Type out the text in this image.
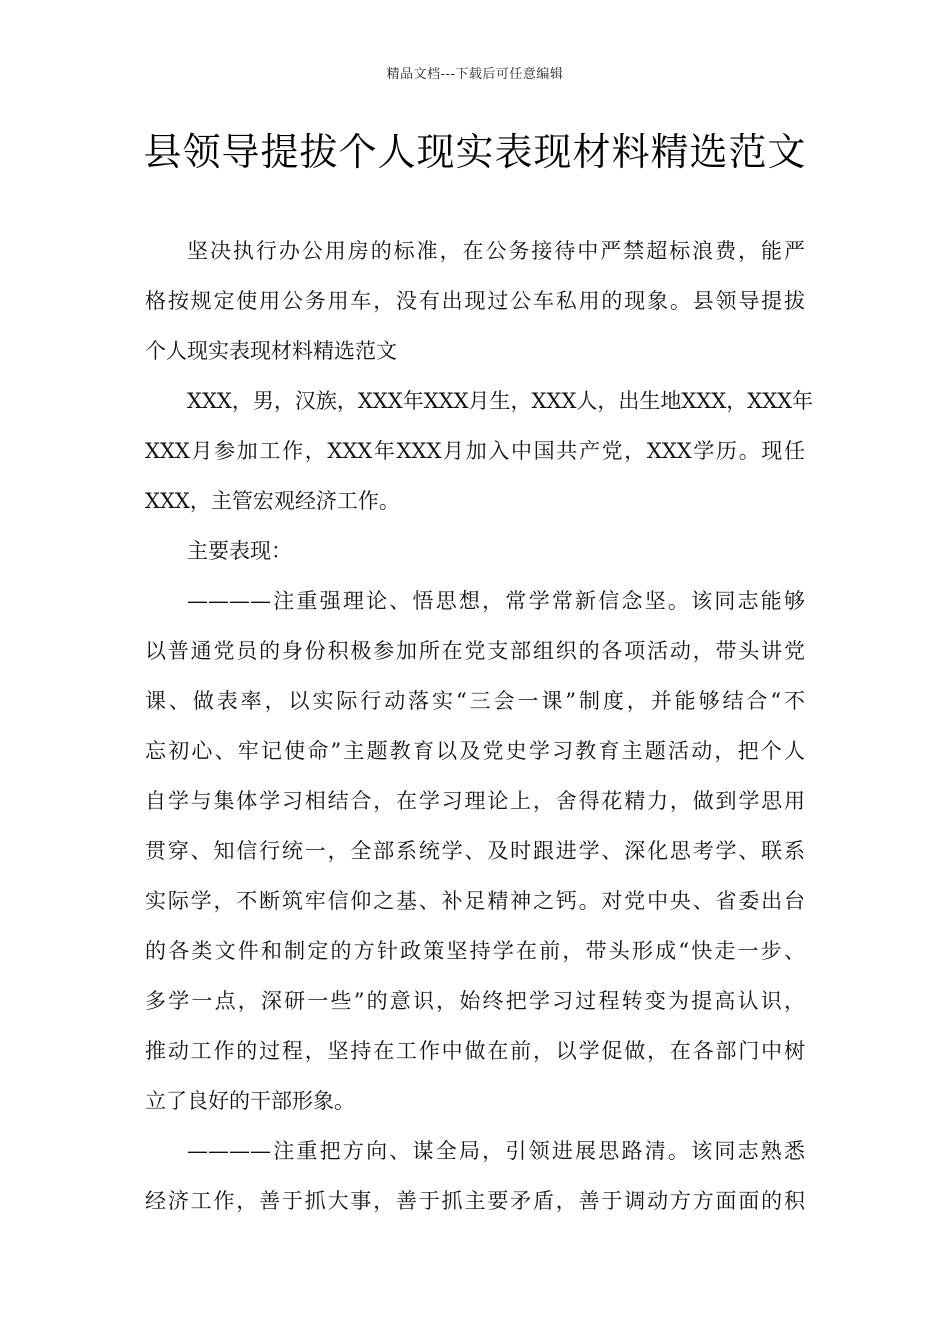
精品文档---下载后可任意编辑
县领导提拔个人现实表现材料精选范文
坚决执行办公用房的标准，在公务接待中严禁超标浪费，能严
格按规定使用公务用车，没有出现过公车私用的现象。县领导提拔
个人现实表现材料精选范文
XXX，男，汉族，XXX年XXX月生，XXX人，出生地XXX，XXX年
XXX月参加工作，XXX年XXX月加入中国共产党，XXX学历。现任
XXX，主管宏观经济工作。
主要表现：
————注重强理论、悟思想，常学常新信念坚。该同志能够
以普通党员的身份积极参加所在党支部组织的各项活动，带头讲党
课、做表率，以实际行动落实“三会一课”制度，并能够结合“不
忘初心、牢记使命”主题教育以及党史学习教育主题活动，把个人
自学与集体学习相结合，在学习理论上，舍得花精力，做到学思用
贯穿、知信行统一，全部系统学、及时跟进学、深化思考学、联系
实际学，不断筑牢信仰之基、补足精神之钙。对党中央、省委出台
的各类文件和制定的方针政策坚持学在前，带头形成“快走一步、
多学一点，深研一些”的意识，始终把学习过程转变为提高认识，
推动工作的过程，坚持在工作中做在前，以学促做，在各部门中树
立了良好的干部形象。
————注重把方向、谋全局，引领进展思路清。该同志熟悉
经济工作，善于抓大事，善于抓主要矛盾，善于调动方方面面的积
